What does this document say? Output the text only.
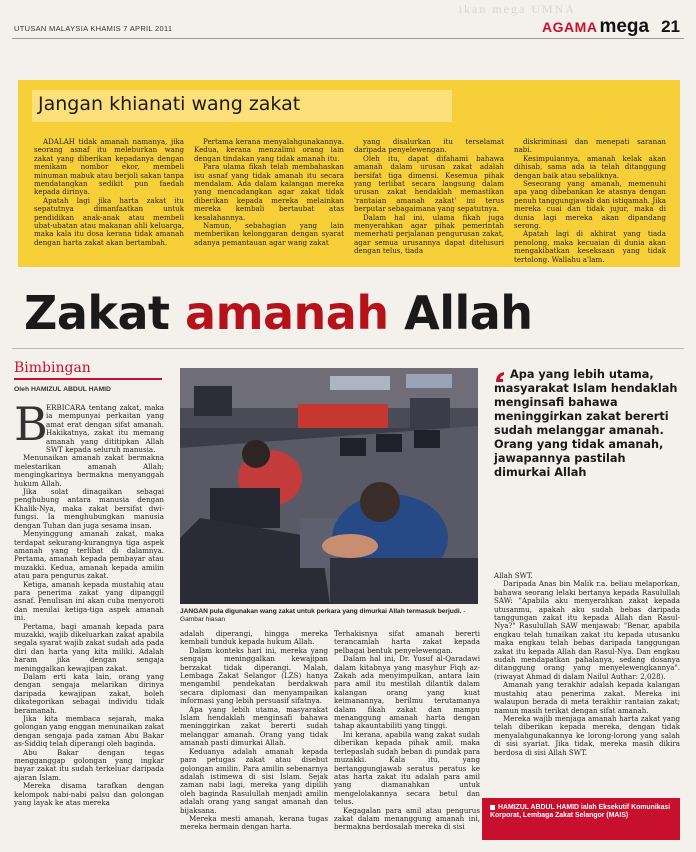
ikan mega UMNA
UTUSAN MALAYSIA KHAMIS 7 APRIL 2011	AGAMA mega 21
Jangan khianati wang zakat

ADALAH tidak amanah namanya, jika seorang asnaf itu meleburkan wang zakat yang diberikan kepadanya dengan menikam nombor ekor, membeli minuman mabuk atau berjoli sakan tanpa mendatangkan sedikit pun faedah kepada dirinya.

Apatah lagi jika harta zakat itu sepatutnya dimanfaatkan untuk pendidikan anak-anak atau membeli ubat-ubatan atau makanan ahli keluarga, maka kala itu dosa kerana tidak amanah dengan harta zakat akan bertambah.

Pertama kerana menyalahgunakannya. Kedua, kerana menzalimi orang lain dengan tindakan yang tidak amanah itu.

Para ulama fikah telah membahaskan isu asnaf yang tidak amanah itu secara mendalam. Ada dalam kalangan mereka yang mencadangkan agar zakat tidak diberikan kepada mereka melainkan mereka kembali bertaubat atas kesalahannya.

Namun, sebahagian yang lain memberikan kelonggaran dengan syarat adanya pemantauan agar wang zakat

yang disalurkan itu terselamat daripada penyelewengan.

Oleh itu, dapat difahami bahawa amanah dalam urusan zakat adalah bersifat tiga dimensi. Kesemua pihak yang terlibat secara langsung dalam urusan zakat hendaklah memastikan 'rantaian amanah zakat' ini terus berputar sebagaimana yang sepatutnya.

Dalam hal ini, ulama fikah juga menyerahkan agar pihak pemerintah memerhati perjalanan pengurusan zakat, agar semua urusannya dapat ditelusuri dengan telus, tiada

diskriminasi dan menepati saranan nabi.

Kesimpulannya, amanah kelak akan dihisab, sama ada ia telah ditanggung dengan baik atau sebaliknya.

Seseorang yang amanah, memenuhi apa yang dibebankan ke atasnya dengan penuh tanggungjawab dan istiqamah. Jika mereka cuai dan tidak jujur, maka di dunia lagi mereka akan dipandang serong.

Apatah lagi di akhirat yang tiada penolong, maka kecuaian di dunia akan mengakibatkan keseksaan yang tidak tertolong. Wallahu a'lam.

Zakat amanah Allah
Bimbingan
Oleh HAMIZUL ABDUL HAMID
B

ERBICARA tentang zakat, maka ia mempunyai perkaitan yang amat erat dengan sifat amanah. Hakikatnya, zakat itu memang amanah yang dititipkan Allah SWT kepada seluruh manusia.

Menunaikan amanah zakat bermakna melestarikan amanah Allah; mengingkarinya bermakna menyanggah hukum Allah.

Jika solat dinagaikan sebagai penghubung antara manusia dengan Khalik-Nya, maka zakat bersifat dwi-fungsi. Ia menghubungkan manusia dengan Tuhan dan juga sesama insan.

Menyinggung amanah zakat, maka terdapat sekurang-kurangnya tiga aspek amanah yang terlibat di dalamnya. Pertama, amanah kepada pembayar atau muzakki. Kedua, amanah kepada amilin atau para pengurus zakat.

Ketiga, amanah kepada mustahiq atau para penerima zakat yang dipanggil asnaf. Penulisan ini akan cuba menyoroti dan menilai ketiga-tiga aspek amanah ini.

Pertama, bagi amanah kepada para muzakki, wajib dikeluarkan zakat apabila segala syarat wajib zakat sudah ada pada diri dan harta yang kita miliki. Adalah haram jika dengan sengaja meninggalkan kewajipan zakat.

Dalam erti kata lain, orang yang dengan sengaja melarikan dirinya daripada kewajipan zakat, boleh dikategorikan sebagai individu tidak beramanah.

Jika kita membaca sejarah, maka golongan yang enggan menunaikan zakat dengan sengaja pada zaman Abu Bakar as-Siddiq telah diperangi oleh baginda.

Abu Bakar dengan tegas mengganggap golongan yang ingkar bayar zakat itu sudah terkeluar daripada ajaran Islam.

Mereka disama tarafkan dengan kelompok nabi-nabi palsu dan golongan yang layak ke atas mereka

JANGAN pula digunakan wang zakat untuk perkara yang dimurkai Allah termasuk berjudi. - Gambar hiasan

adalah diperangi, hingga mereka kembali tunduk kepada hukum Allah.

Dalam konteks hari ini, mereka yang sengaja meninggalkan kewajipan berzakat tidak diperangi. Malah, Lembaga Zakat Selangor (LZS) hanya mengambil pendekatan berdakwah secara diplomasi dan menyampaikan informasi yang lebih persuasif sifatnya.

Apa yang lebih utama, masyarakat Islam hendaklah menginsafi bahawa meninggirkan zakat bererti sudah melanggar amanah. Orang yang tidak amanah pasti dimurkai Allah.

Keduanya adalah amanah kepada para petugas zakat atau disebut golongan amilin. Para amilin sebenarnya adalah istimewa di sisi Islam. Sejak zaman nabi lagi, mereka yang dipilih oleh baginda Rasulullah menjadi amilin adalah orang yang sangat amanah dan bijaksana.

Mereka mesti amanah, kerana tugas mereka bermain dengan harta.

Terhakisnya sifat amanah bererti terancamlah harta zakat kepada pelbagai bentuk penyelewengan.

Dalam hal ini, Dr. Yusuf al-Qaradawi dalam kitabnya yang masyhur Fiqh az-Zakah ada menyimpulkan, antara lain para amil itu mestilah dilantik dalam kalangan orang yang kuat keimanannya, berilmu terutamanya dalam fikah zakat dan mampu menanggung amanah harta dengan tahap akauntabiliti yang tinggi.

Ini kerana, apabila wang zakat sudah diberikan kepada pihak amil, maka terlepaslah sudah beban di pundak para muzakki. Kala itu, yang bertanggungjawab seratus peratus ke atas harta zakat itu adalah para amil yang diamanahkan untuk mengelolakannya secara betul dan telus.

Kegagalan para amil atau pengurus zakat dalam menanggung amanah ini, bermakna berdosalah mereka di sisi

Apa yang lebih utama, masyarakat Islam hendaklah menginsafi bahawa meninggirkan zakat bererti sudah melanggar amanah. Orang yang tidak amanah, jawapannya pastilah dimurkai Allah

Allah SWT.

Daripada Anas bin Malik r.a. beliau melaporkan, bahawa seorang lelaki bertanya kepada Rasulullah SAW: "Apabila aku menyerahkan zakat kepada utusanmu, apakah aku sudah bebas daripada tanggungan zakat itu kepada Allah dan Rasul-Nya?" Rasulullah SAW menjawab: "Benar, apabila engkau telah tunaikan zakat itu kepada utusanku maka engkau telah bebas daripada tanggungan zakat itu kepada Allah dan Rasul-Nya. Dan engkau sudah mendapatkan pahalanya, sedang dosanya ditanggung orang yang menyelewengkannya". (riwayat Ahmad di dalam Nailul Authar: 2,028).

Amanah yang terakhir adalah kepada kalangan mustahiq atau penerima zakat. Mereka ini walaupun berada di meta terakhir rantaian zakat; namun masih terikat dengan sifat amanah.

Mereka wajib menjaga amanah harta zakat yang telah diberikan kepada mereka, dengan tidak menyalahgunakannya ke lorong-lorong yang salah di sisi syariat. Jika tidak, mereka masih dikira berdosa di sisi Allah SWT.

HAMIZUL ABDUL HAMID ialah Eksekutif Komunikasi Korporat, Lembaga Zakat Selangor (MAIS)
